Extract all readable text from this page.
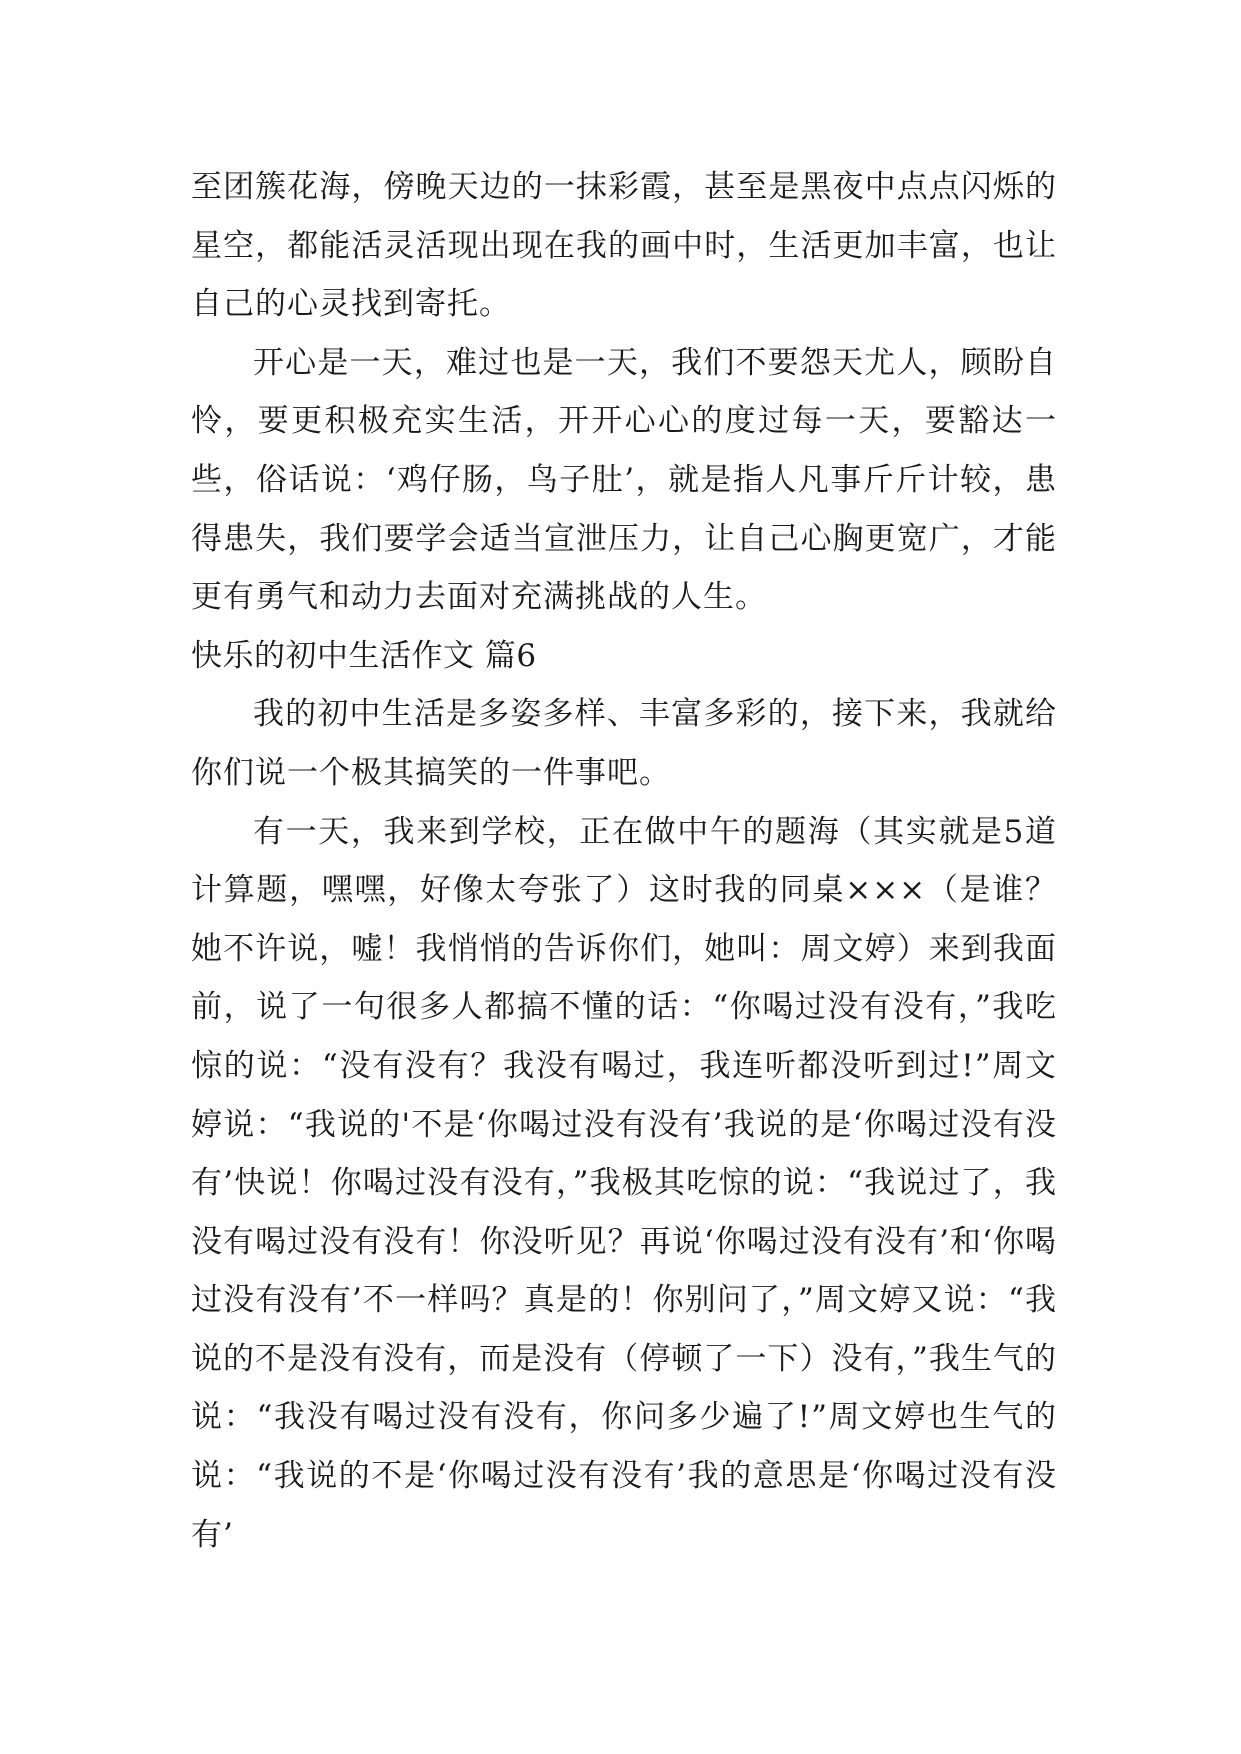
至团簇花海，傍晚天边的一抹彩霞，甚至是黑夜中点点闪烁的星空，都能活灵活现出现在我的画中时，生活更加丰富，也让自己的心灵找到寄托。

开心是一天，难过也是一天，我们不要怨天尤人，顾盼自怜，要更积极充实生活，开开心心的度过每一天，要豁达一些，俗话说：‘鸡仔肠，鸟子肚’，就是指人凡事斤斤计较，患得患失，我们要学会适当宣泄压力，让自己心胸更宽广，才能更有勇气和动力去面对充满挑战的人生。

快乐的初中生活作文 篇6

我的初中生活是多姿多样、丰富多彩的，接下来，我就给你们说一个极其搞笑的一件事吧。

有一天，我来到学校，正在做中午的题海（其实就是5道计算题，嘿嘿，好像太夸张了）这时我的同桌×××（是谁？她不许说，嘘！我悄悄的告诉你们，她叫：周文婷）来到我面前，说了一句很多人都搞不懂的话：“你喝过没有没有，”我吃惊的说：“没有没有？我没有喝过，我连听都没听到过!”周文婷说：“我说的'不是‘你喝过没有没有’我说的是‘你喝过没有没有’快说！你喝过没有没有，”我极其吃惊的说：“我说过了，我没有喝过没有没有！你没听见？再说‘你喝过没有没有’和‘你喝过没有没有’不一样吗？真是的！你别问了，”周文婷又说：“我说的不是没有没有，而是没有（停顿了一下）没有，”我生气的说：“我没有喝过没有没有，你问多少遍了!”周文婷也生气的说：“我说的不是‘你喝过没有没有’我的意思是‘你喝过没有没有’
